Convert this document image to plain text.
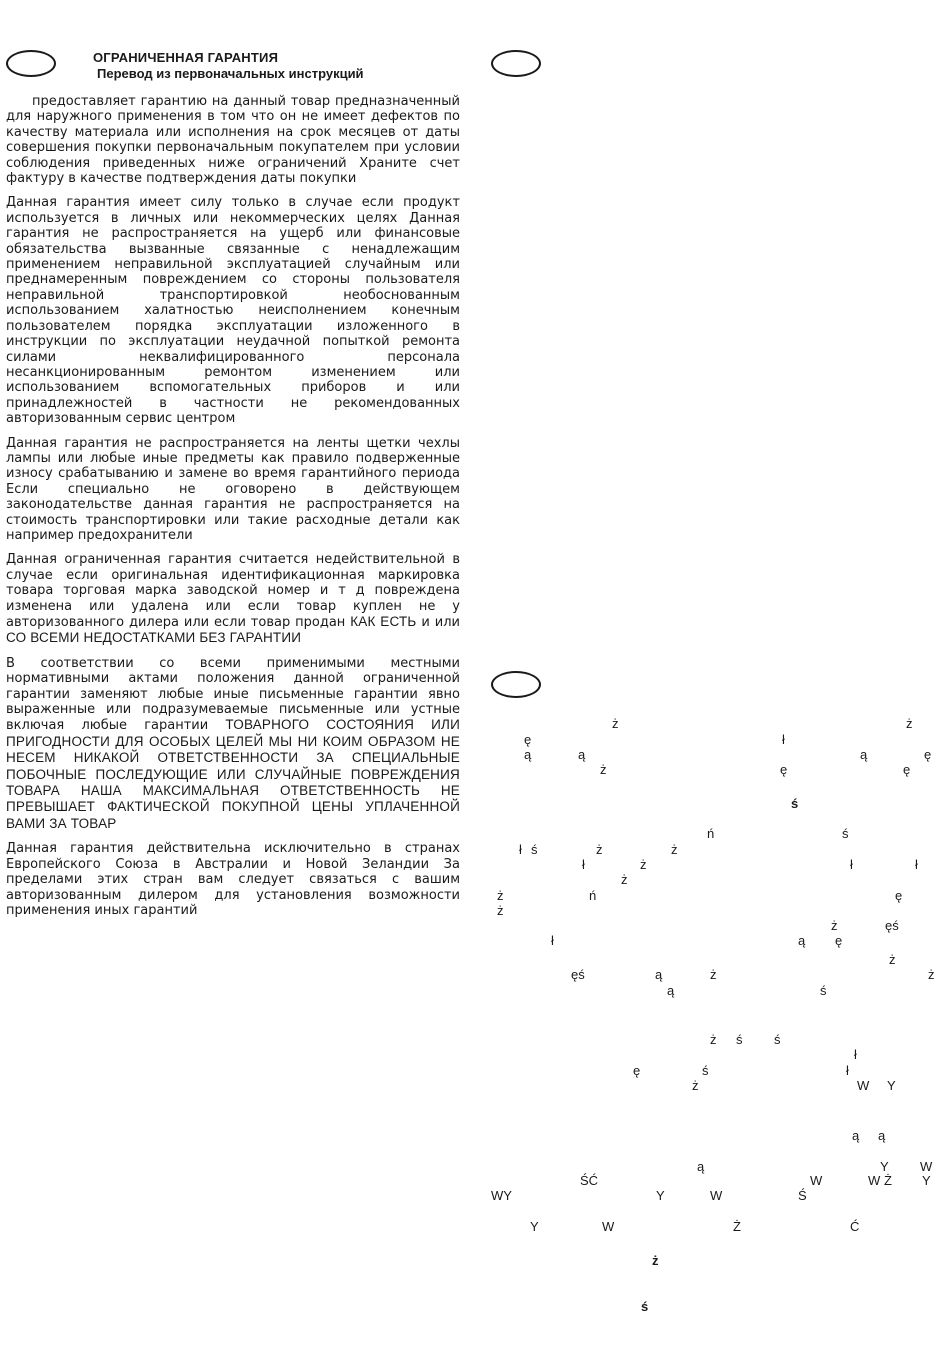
ОГРАНИЧЕННАЯ ГАРАНТИЯ
Перевод из первоначальных инструкций

предоставляет гарантию на данный товар предназначенный для наружного применения в том что он не имеет дефектов по качеству материала или исполнения на срок месяцев от даты совершения покупки первоначальным покупателем при условии соблюдения приведенных ниже ограничений Храните счет фактуру в качестве подтверждения даты покупки

Данная гарантия имеет силу только в случае если продукт используется в личных или некоммерческих целях Данная гарантия не распространяется на ущерб или финансовые обязательства вызванные связанные с ненадлежащим применением неправильной эксплуатацией случайным или преднамеренным повреждением со стороны пользователя неправильной транспортировкой необоснованным использованием халатностью неисполнением конечным пользователем порядка эксплуатации изложенного в инструкции по эксплуатации неудачной попыткой ремонта силами неквалифицированного персонала несанкционированным ремонтом изменением или использованием вспомогательных приборов и или принадлежностей в частности не рекомендованных авторизованным сервис центром

Данная гарантия не распространяется на ленты щетки чехлы лампы или любые иные предметы как правило подверженные износу срабатыванию и замене во время гарантийного периода Если специально не оговорено в действующем законодательстве данная гарантия не распространяется на стоимость транспортировки или такие расходные детали как например предохранители

Данная ограниченная гарантия считается недействительной в случае если оригинальная идентификационная маркировка товара торговая марка заводской номер и т д повреждена изменена или удалена или если товар куплен не у авторизованного дилера или если товар продан КАК ЕСТЬ и или СО ВСЕМИ НЕДОСТАТКАМИ БЕЗ ГАРАНТИИ

В соответствии со всеми применимыми местными нормативными актами положения данной ограниченной гарантии заменяют любые иные письменные гарантии явно выраженные или подразумеваемые письменные или устные включая любые гарантии ТОВАРНОГО СОСТОЯНИЯ ИЛИ ПРИГОДНОСТИ ДЛЯ ОСОБЫХ ЦЕЛЕЙ МЫ НИ КОИМ ОБРАЗОМ НЕ НЕСЕМ НИКАКОЙ ОТВЕТСТВЕННОСТИ ЗА СПЕЦИАЛЬНЫЕ ПОБОЧНЫЕ ПОСЛЕДУЮЩИЕ ИЛИ СЛУЧАЙНЫЕ ПОВРЕЖДЕНИЯ ТОВАРА НАША МАКСИМАЛЬНАЯ ОТВЕТСТВЕННОСТЬ НЕ ПРЕВЫШАЕТ ФАКТИЧЕСКОЙ ПОКУПНОЙ ЦЕНЫ УПЛАЧЕННОЙ ВАМИ ЗА ТОВАР

Данная гарантия действительна исключительно в странах Европейского Союза в Австралии и Новой Зеландии За пределами этих стран вам следует связаться с вашим авторизованным дилером для установления возможности применения иных гарантий

ż	ż
ę	ł
ą	ą	ą	ę
ż	ę	ę
ś
ń	ś
ł ś	ż	ż
ł	ż	ł	ł
ż
ż	ń	ę
ż
ż	ęś
ł	ą ę
ż
ęś	ą	ż	ż
ą	ś
ż ś ś
ł
ę	ś	ł
ż	W Y
ą ą
ą	Y W
ŚĆ	W	W Ż Y
WY	Y	W	Ś
Y	W	Ż	Ć
ż
ś
